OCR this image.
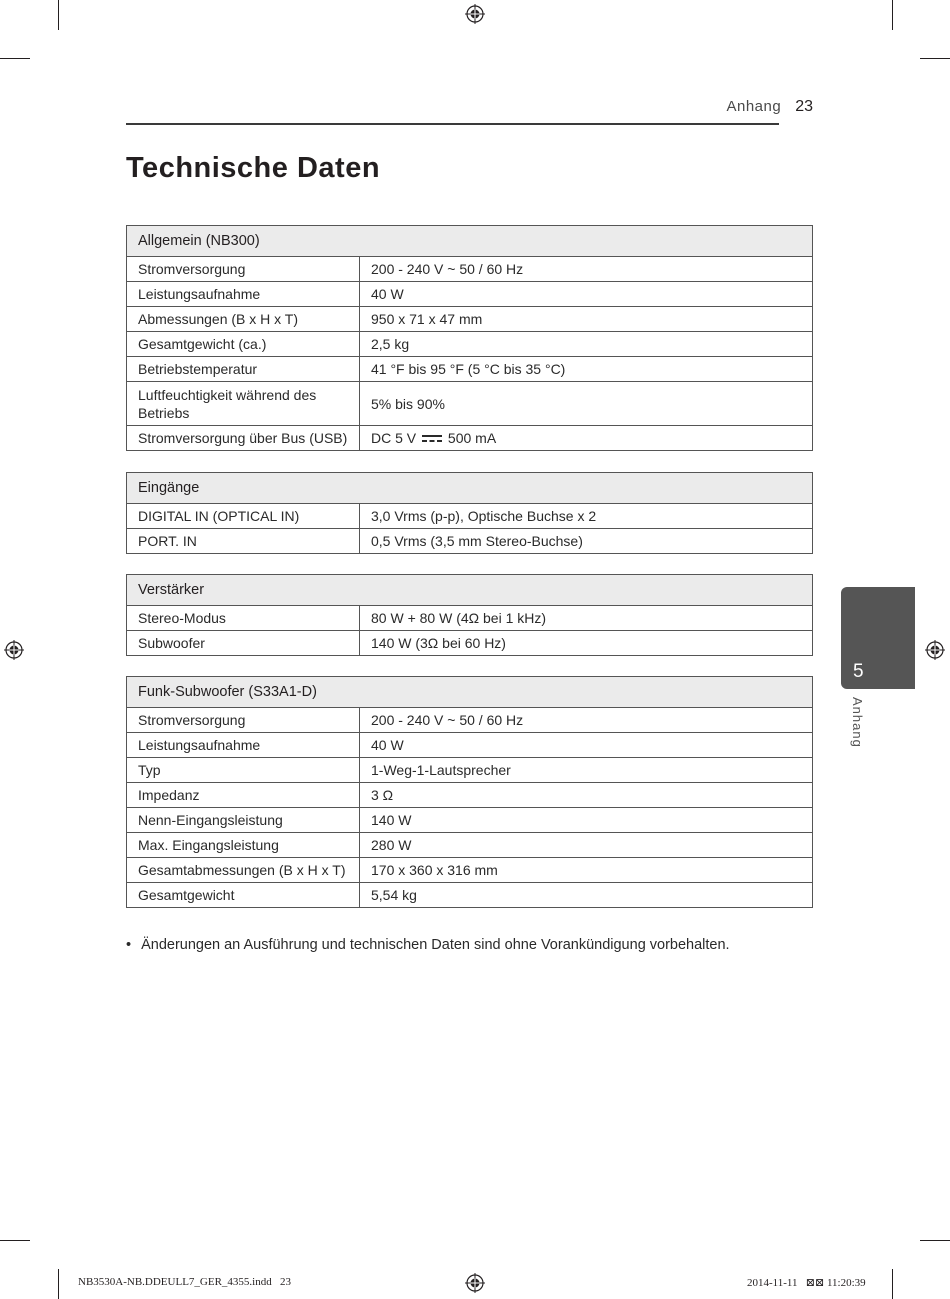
Anhang 23
Technische Daten
Allgemein (NB300)	
Stromversorgung	200 - 240 V ~ 50 / 60 Hz
Leistungsaufnahme	40 W
Abmessungen (B x H x T)	950 x 71 x 47 mm
Gesamtgewicht (ca.)	2,5 kg
Betriebstemperatur	41 °F bis 95 °F (5 °C bis 35 °C)
Luftfeuchtigkeit während des Betriebs	5% bis 90%
Stromversorgung über Bus (USB)	DC 5 V 500 mA
Eingänge	
DIGITAL IN (OPTICAL IN)	3,0 Vrms (p-p), Optische Buchse x 2
PORT. IN	0,5 Vrms (3,5 mm Stereo-Buchse)
Verstärker	
Stereo-Modus	80 W + 80 W (4Ω bei 1 kHz)
Subwoofer	140 W (3Ω bei 60 Hz)
Funk-Subwoofer (S33A1-D)	
Stromversorgung	200 - 240 V ~ 50 / 60 Hz
Leistungsaufnahme	40 W
Typ	1-Weg-1-Lautsprecher
Impedanz	3 Ω
Nenn-Eingangsleistung	140 W
Max. Eingangsleistung	280 W
Gesamtabmessungen (B x H x T)	170 x 360 x 316 mm
Gesamtgewicht	5,54 kg
• Änderungen an Ausführung und technischen Daten sind ohne Vorankündigung vorbehalten.
5
Anhang
NB3530A-NB.DDEULL7_GER_4355.indd   23	2014-11-11   ⊠⊠ 11:20:39
